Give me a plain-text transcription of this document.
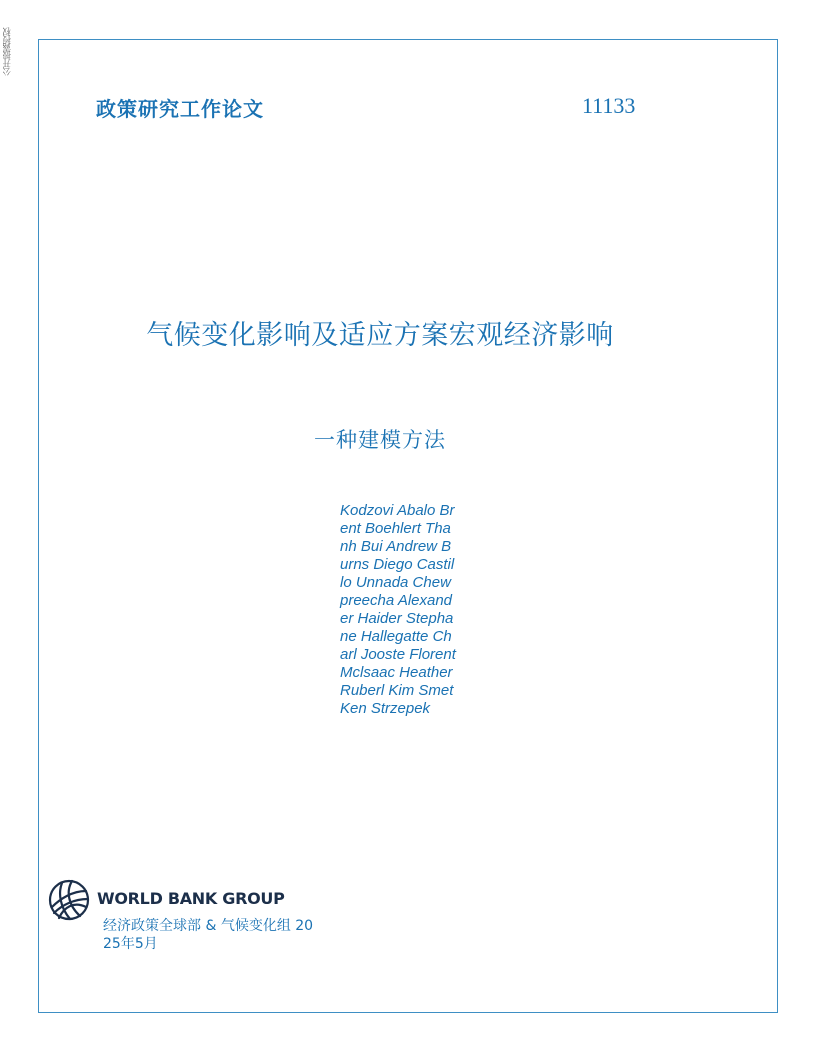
公开披露授权
政策研究工作论文	11133
气候变化影响及适应方案宏观经济影响
一种建模方法

Kodzovi Abalo Br
ent Boehlert Tha
nh Bui Andrew B
urns Diego Castil
lo Unnada Chew
preecha Alexand
er Haider Stepha
ne Hallegatte Ch
arl Jooste Florent
Mclsaac Heather
Ruberl Kim Smet
Ken Strzepek
WORLD BANK GROUP
经济政策全球部 & 气候变化组 20
25年5月
